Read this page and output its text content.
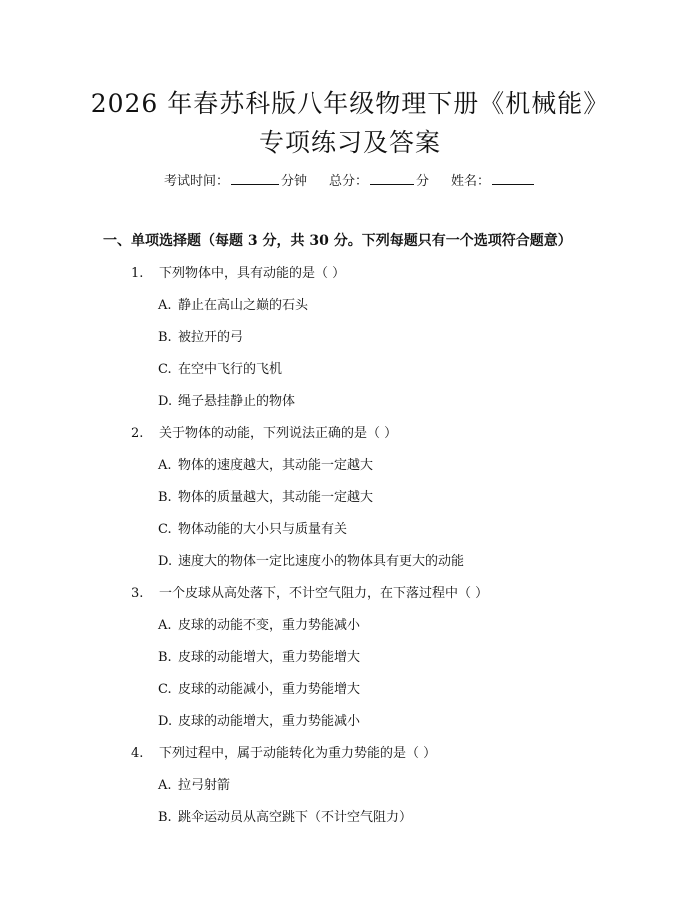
2026 年春苏科版八年级物理下册《机械能》
专项练习及答案
考试时间：	分钟 总分：	分 姓名：
一、单项选择题（每题 3 分，共 30 分。下列每题只有一个选项符合题意）
1. 下列物体中，具有动能的是（ ）
A. 静止在高山之巅的石头
B. 被拉开的弓
C. 在空中飞行的飞机
D. 绳子悬挂静止的物体
2. 关于物体的动能，下列说法正确的是（ ）
A. 物体的速度越大，其动能一定越大
B. 物体的质量越大，其动能一定越大
C. 物体动能的大小只与质量有关
D. 速度大的物体一定比速度小的物体具有更大的动能
3. 一个皮球从高处落下，不计空气阻力，在下落过程中（ ）
A. 皮球的动能不变，重力势能减小
B. 皮球的动能增大，重力势能增大
C. 皮球的动能减小，重力势能增大
D. 皮球的动能增大，重力势能减小
4. 下列过程中，属于动能转化为重力势能的是（ ）
A. 拉弓射箭
B. 跳伞运动员从高空跳下（不计空气阻力）
